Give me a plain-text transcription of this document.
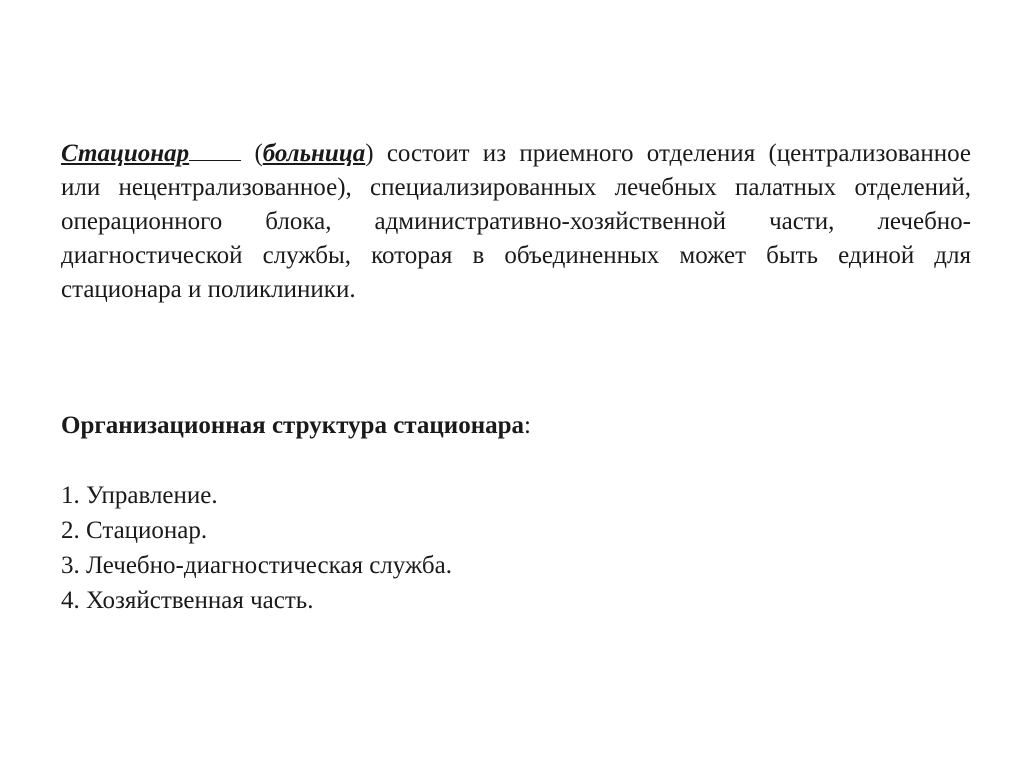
Стационар	(больница) состоит из приемного отделения (централизованное или нецентрализованное), специализированных лечебных палатных отделений, операционного блока, административно-хозяйственной части, лечебно-диагностической службы, которая в объединенных может быть единой для стационара и поликлиники.

Организационная структура стационара:

1. Управление.
2. Стационар.
3. Лечебно-диагностическая служба.
4. Хозяйственная часть.
